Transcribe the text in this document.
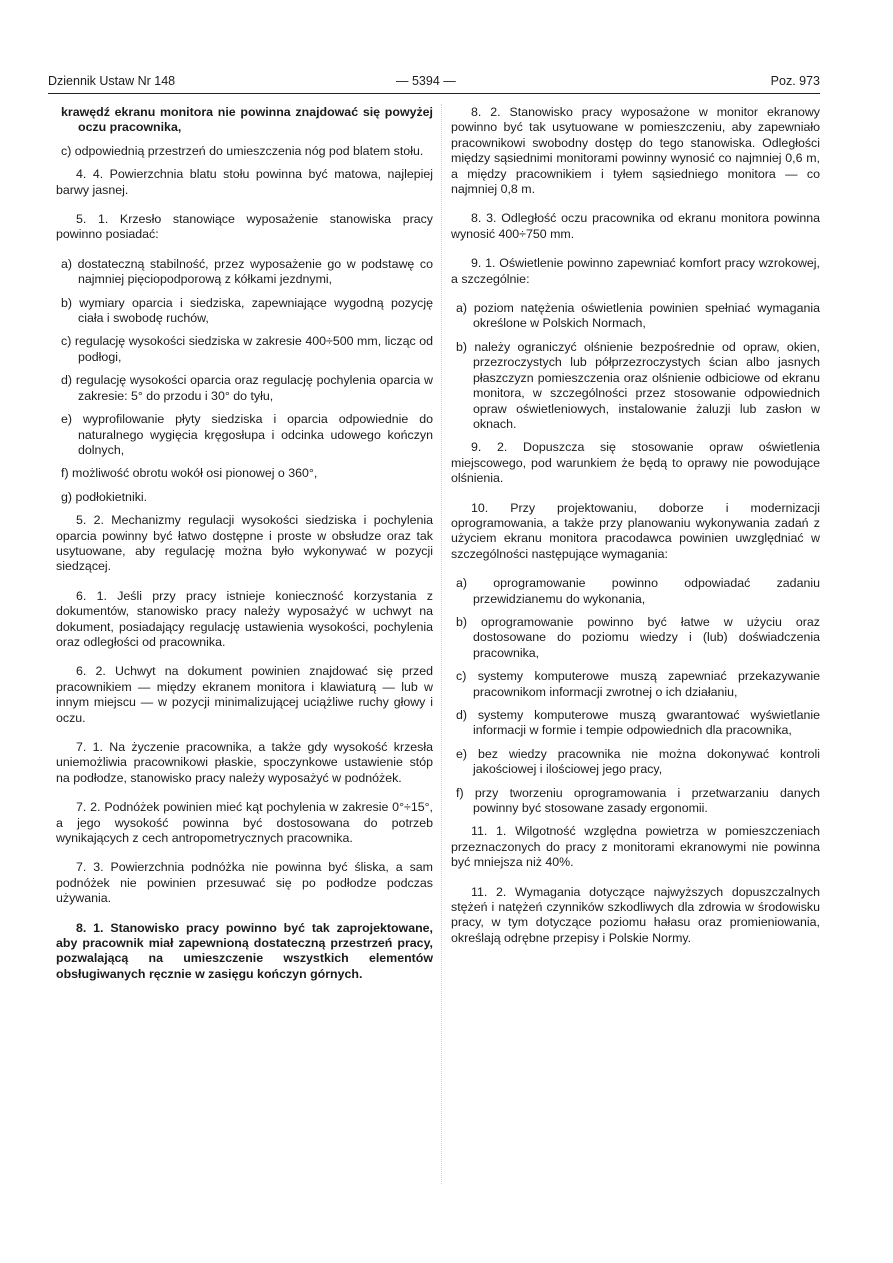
Dziennik Ustaw Nr 148	— 5394 —	Poz. 973

krawędź ekranu monitora nie powinna znajdować się powyżej oczu pracownika,

c) odpowiednią przestrzeń do umieszczenia nóg pod blatem stołu.

4. 4. Powierzchnia blatu stołu powinna być matowa, najlepiej barwy jasnej.

5. 1. Krzesło stanowiące wyposażenie stanowiska pracy powinno posiadać:

a) dostateczną stabilność, przez wyposażenie go w podstawę co najmniej pięciopodporową z kółkami jezdnymi,

b) wymiary oparcia i siedziska, zapewniające wygodną pozycję ciała i swobodę ruchów,

c) regulację wysokości siedziska w zakresie 400÷500 mm, licząc od podłogi,

d) regulację wysokości oparcia oraz regulację pochylenia oparcia w zakresie: 5° do przodu i 30° do tyłu,

e) wyprofilowanie płyty siedziska i oparcia odpowiednie do naturalnego wygięcia kręgosłupa i odcinka udowego kończyn dolnych,

f) możliwość obrotu wokół osi pionowej o 360°,

g) podłokietniki.

5. 2. Mechanizmy regulacji wysokości siedziska i pochylenia oparcia powinny być łatwo dostępne i proste w obsłudze oraz tak usytuowane, aby regulację można było wykonywać w pozycji siedzącej.

6. 1. Jeśli przy pracy istnieje konieczność korzystania z dokumentów, stanowisko pracy należy wyposażyć w uchwyt na dokument, posiadający regulację ustawienia wysokości, pochylenia oraz odległości od pracownika.

6. 2. Uchwyt na dokument powinien znajdować się przed pracownikiem — między ekranem monitora i klawiaturą — lub w innym miejscu — w pozycji minimalizującej uciążliwe ruchy głowy i oczu.

7. 1. Na życzenie pracownika, a także gdy wysokość krzesła uniemożliwia pracownikowi płaskie, spoczynkowe ustawienie stóp na podłodze, stanowisko pracy należy wyposażyć w podnóżek.

7. 2. Podnóżek powinien mieć kąt pochylenia w zakresie 0°÷15°, a jego wysokość powinna być dostosowana do potrzeb wynikających z cech antropometrycznych pracownika.

7. 3. Powierzchnia podnóżka nie powinna być śliska, a sam podnóżek nie powinien przesuwać się po podłodze podczas używania.

8. 1. Stanowisko pracy powinno być tak zaprojektowane, aby pracownik miał zapewnioną dostateczną przestrzeń pracy, pozwalającą na umieszczenie wszystkich elementów obsługiwanych ręcznie w zasięgu kończyn górnych.

8. 2. Stanowisko pracy wyposażone w monitor ekranowy powinno być tak usytuowane w pomieszczeniu, aby zapewniało pracownikowi swobodny dostęp do tego stanowiska. Odległości między sąsiednimi monitorami powinny wynosić co najmniej 0,6 m, a między pracownikiem i tyłem sąsiedniego monitora — co najmniej 0,8 m.

8. 3. Odległość oczu pracownika od ekranu monitora powinna wynosić 400÷750 mm.

9. 1. Oświetlenie powinno zapewniać komfort pracy wzrokowej, a szczególnie:

a) poziom natężenia oświetlenia powinien spełniać wymagania określone w Polskich Normach,

b) należy ograniczyć olśnienie bezpośrednie od opraw, okien, przezroczystych lub półprzezroczystych ścian albo jasnych płaszczyzn pomieszczenia oraz olśnienie odbiciowe od ekranu monitora, w szczególności przez stosowanie odpowiednich opraw oświetleniowych, instalowanie żaluzji lub zasłon w oknach.

9. 2. Dopuszcza się stosowanie opraw oświetlenia miejscowego, pod warunkiem że będą to oprawy nie powodujące olśnienia.

10. Przy projektowaniu, doborze i modernizacji oprogramowania, a także przy planowaniu wykonywania zadań z użyciem ekranu monitora pracodawca powinien uwzględniać w szczególności następujące wymagania:

a) oprogramowanie powinno odpowiadać zadaniu przewidzianemu do wykonania,

b) oprogramowanie powinno być łatwe w użyciu oraz dostosowane do poziomu wiedzy i (lub) doświadczenia pracownika,

c) systemy komputerowe muszą zapewniać przekazywanie pracownikom informacji zwrotnej o ich działaniu,

d) systemy komputerowe muszą gwarantować wyświetlanie informacji w formie i tempie odpowiednich dla pracownika,

e) bez wiedzy pracownika nie można dokonywać kontroli jakościowej i ilościowej jego pracy,

f) przy tworzeniu oprogramowania i przetwarzaniu danych powinny być stosowane zasady ergonomii.

11. 1. Wilgotność względna powietrza w pomieszczeniach przeznaczonych do pracy z monitorami ekranowymi nie powinna być mniejsza niż 40%.

11. 2. Wymagania dotyczące najwyższych dopuszczalnych stężeń i natężeń czynników szkodliwych dla zdrowia w środowisku pracy, w tym dotyczące poziomu hałasu oraz promieniowania, określają odrębne przepisy i Polskie Normy.
